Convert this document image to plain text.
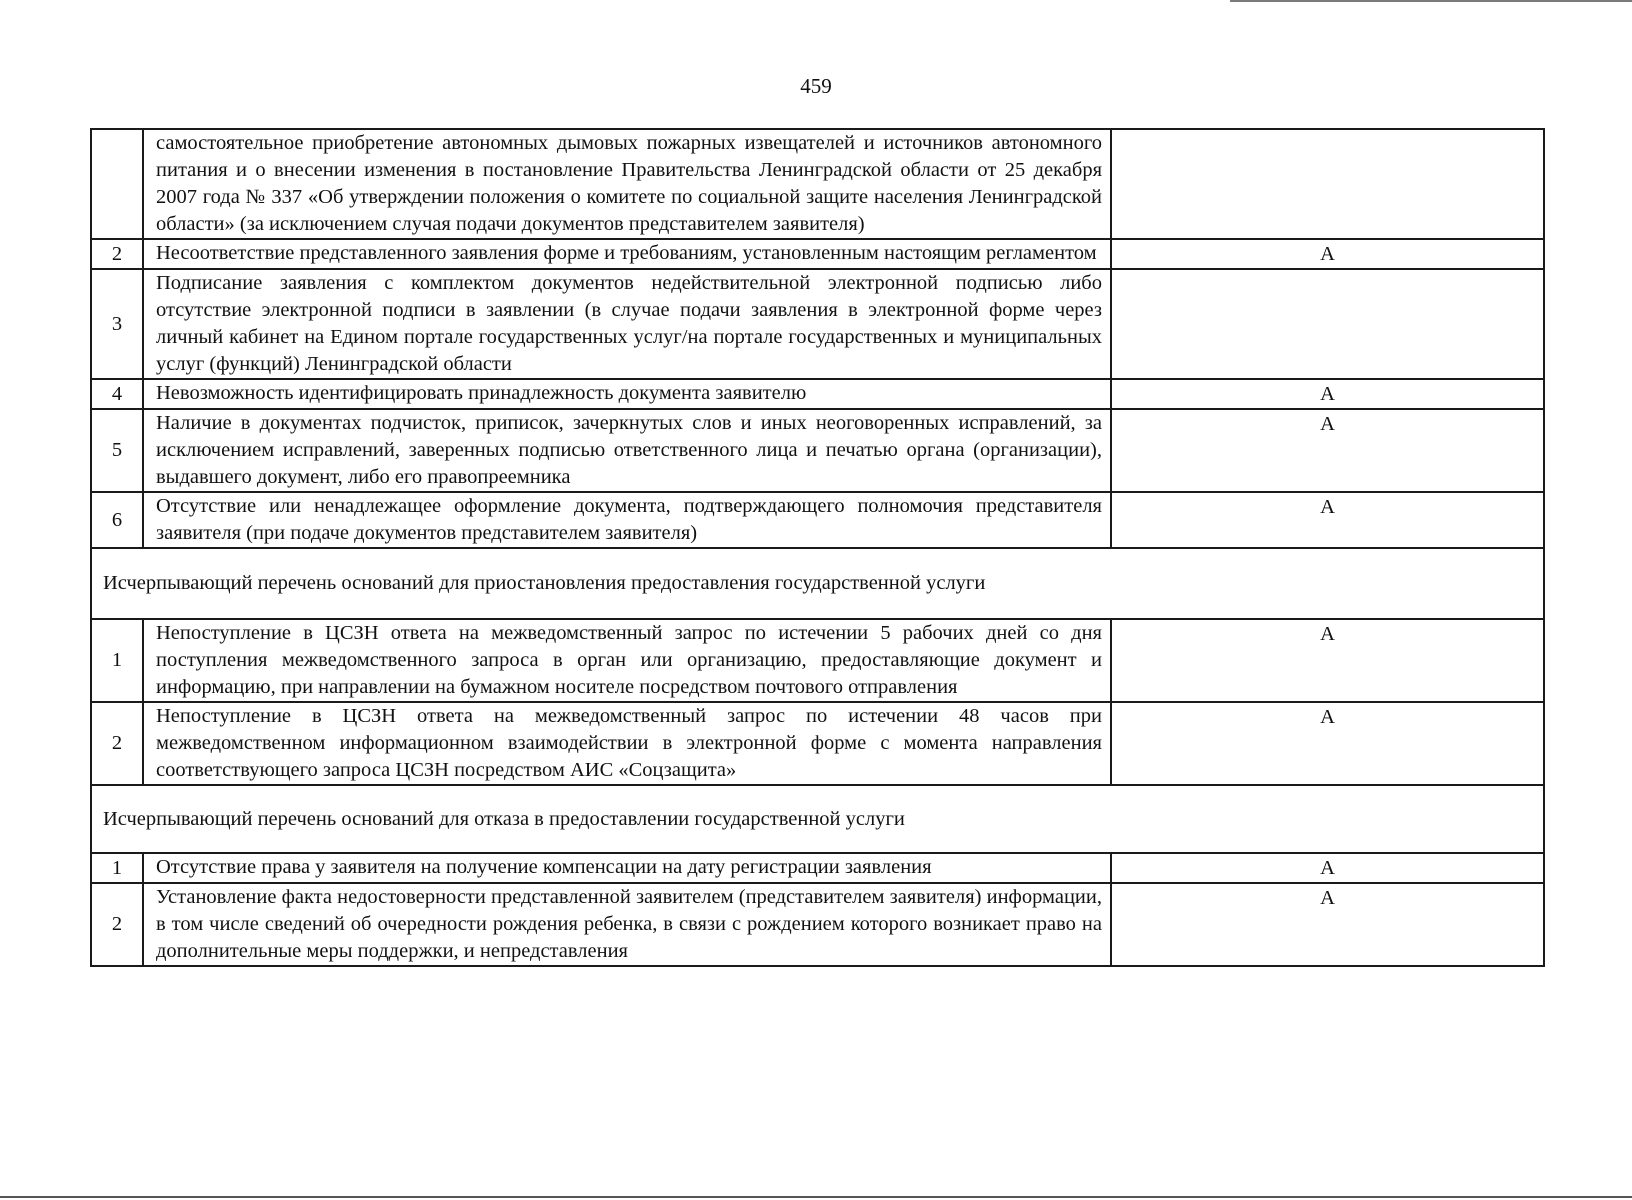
459
	самостоятельное приобретение автономных дымовых пожарных извещателей и источников автономного питания и о внесении изменения в постановление Правительства Ленинградской области от 25 декабря 2007 года № 337 «Об утверждении положения о комитете по социальной защите населения Ленинградской области» (за исключением случая подачи документов представителем заявителя)	
2	Несоответствие представленного заявления форме и требованиям, установленным настоящим регламентом	А
3	Подписание заявления с комплектом документов недействительной электронной подписью либо отсутствие электронной подписи в заявлении (в случае подачи заявления в электронной форме через личный кабинет на Едином портале государственных услуг/на портале государственных и муниципальных услуг (функций) Ленинградской области	
4	Невозможность идентифицировать принадлежность документа заявителю	А
5	Наличие в документах подчисток, приписок, зачеркнутых слов и иных неоговоренных исправлений, за исключением исправлений, заверенных подписью ответственного лица и печатью органа (организации), выдавшего документ, либо его правопреемника	А
6	Отсутствие или ненадлежащее оформление документа, подтверждающего полномочия представителя заявителя (при подаче документов представителем заявителя)	А
Исчерпывающий перечень оснований для приостановления предоставления государственной услуги		
1	Непоступление в ЦСЗН ответа на межведомственный запрос по истечении 5 рабочих дней со дня поступления межведомственного запроса в орган или организацию, предоставляющие документ и информацию, при направлении на бумажном носителе посредством почтового отправления	А
2	Непоступление в ЦСЗН ответа на межведомственный запрос по истечении 48 часов при межведомственном информационном взаимодействии в электронной форме с момента направления соответствующего запроса ЦСЗН посредством АИС «Соцзащита»	А
Исчерпывающий перечень оснований для отказа в предоставлении государственной услуги		
1	Отсутствие права у заявителя на получение компенсации на дату регистрации заявления	А
2	Установление факта недостоверности представленной заявителем (представителем заявителя) информации, в том числе сведений об очередности рождения ребенка, в связи с рождением которого возникает право на дополнительные меры поддержки, и непредставления	А
